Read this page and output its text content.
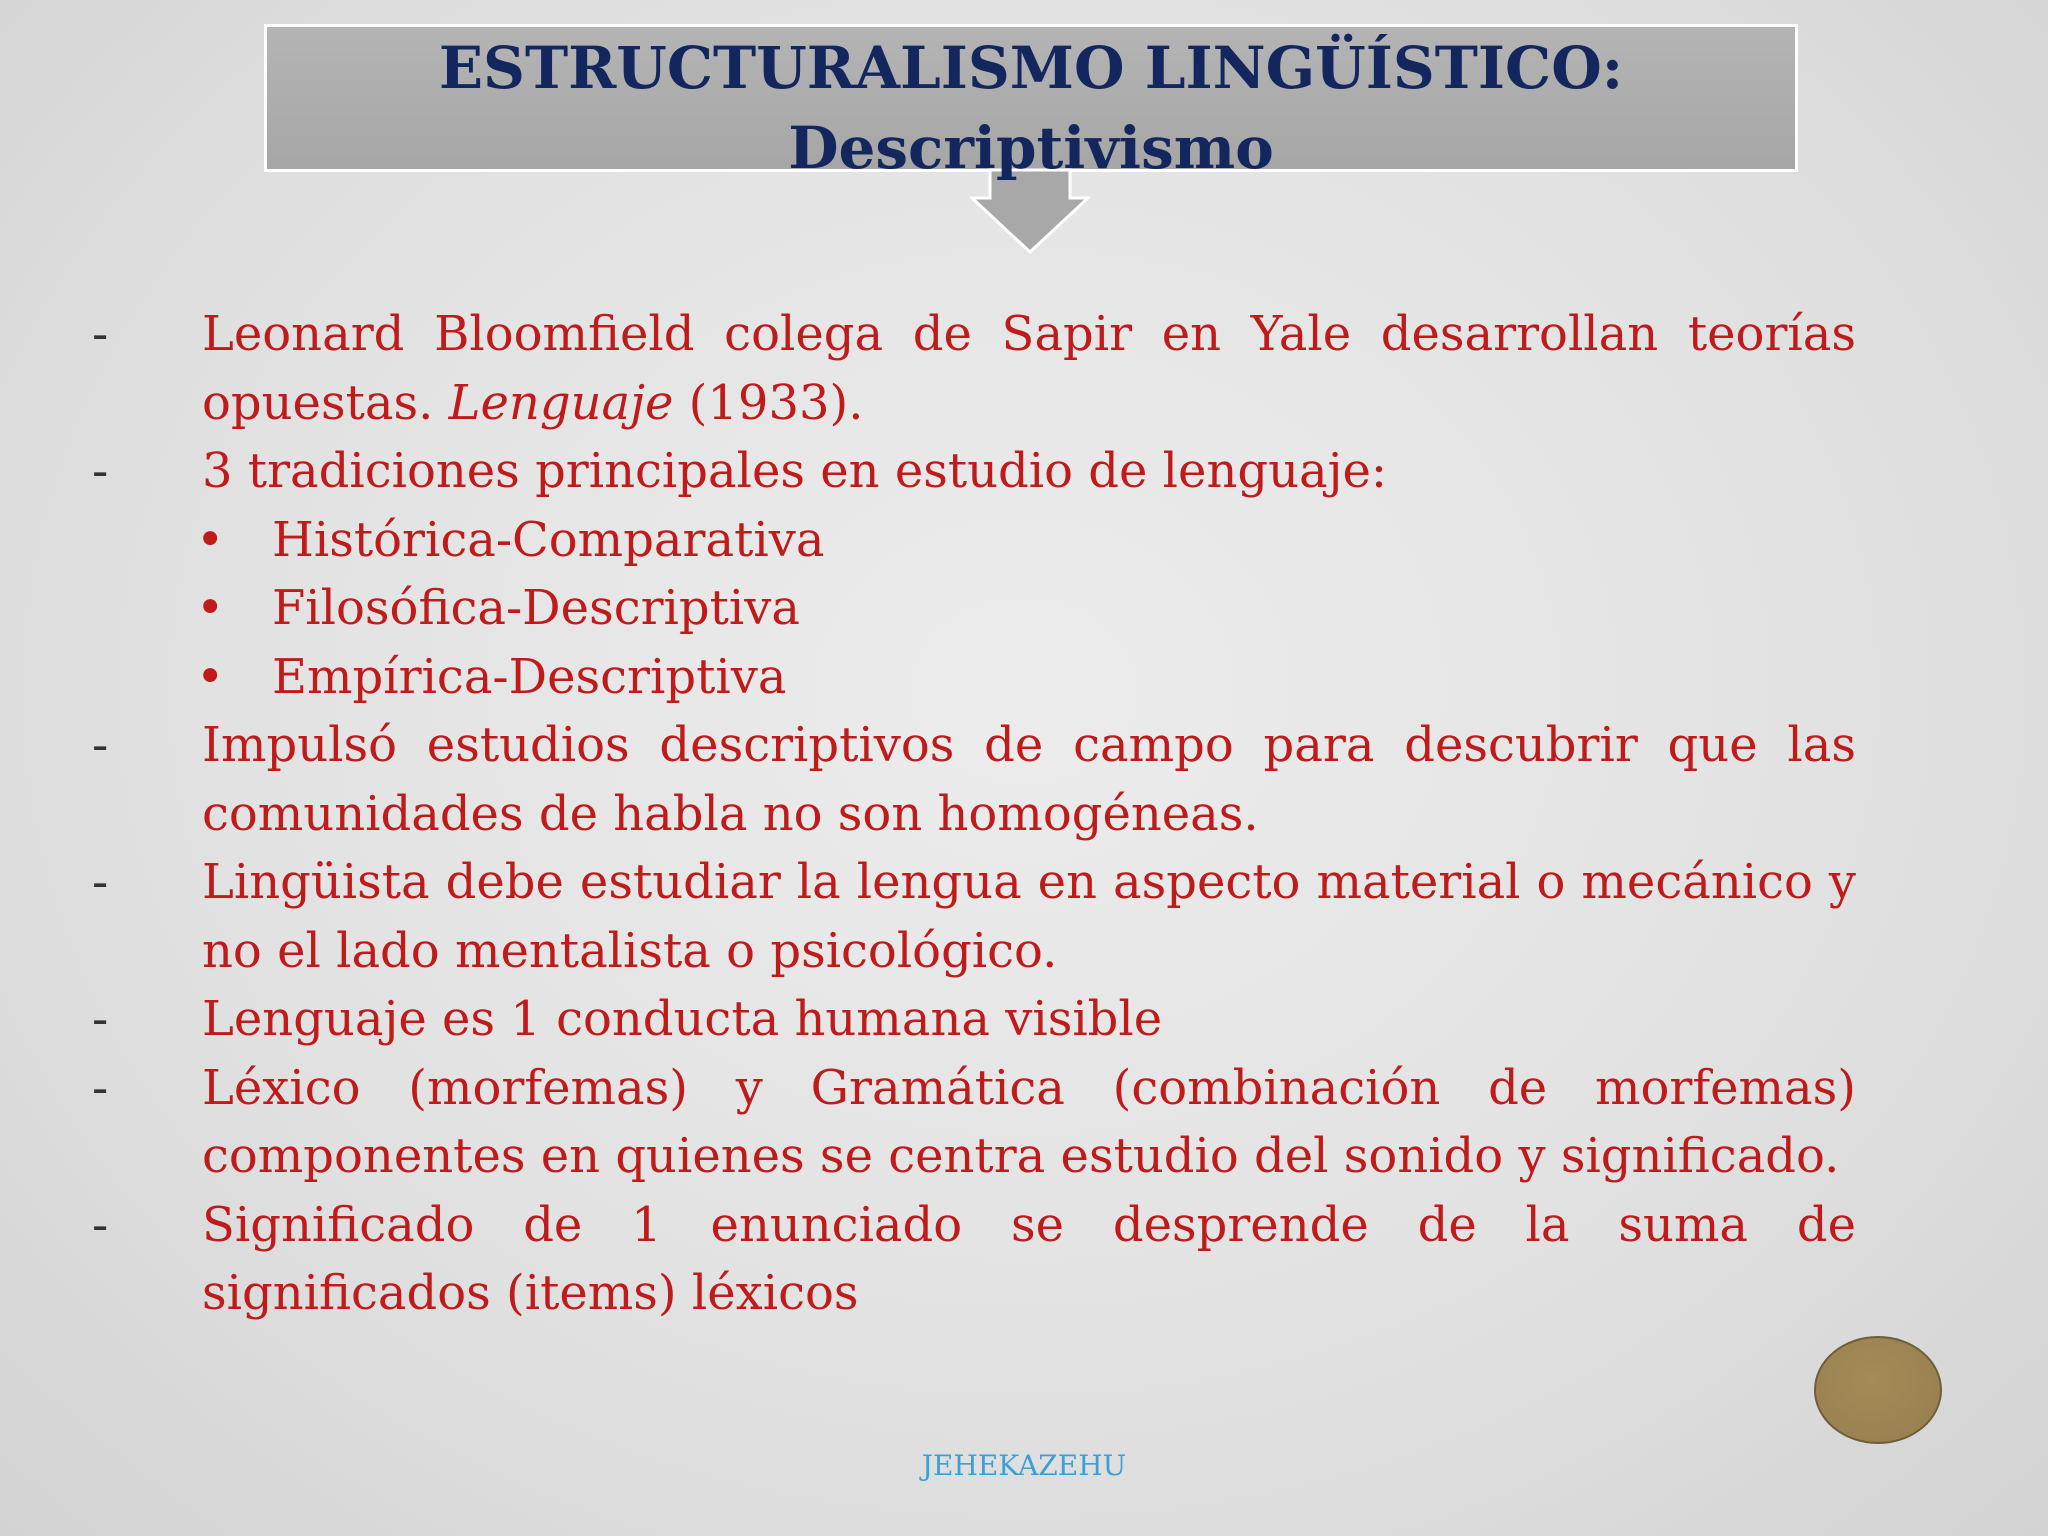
ESTRUCTURALISMO LINGÜÍSTICO:
Descriptivismo
-	Leonard Bloomfield colega de Sapir en Yale desarrollan teorías opuestas. Lenguaje (1933).
-	3 tradiciones principales en estudio de lenguaje:
• Histórica-Comparativa
• Filosófica-Descriptiva
• Empírica-Descriptiva
-	Impulsó estudios descriptivos de campo para descubrir que las comunidades de habla no son homogéneas.
-	Lingüista debe estudiar la lengua en aspecto material o mecánico y no el lado mentalista o psicológico.
-	Lenguaje es 1 conducta humana visible
-	Léxico (morfemas) y Gramática (combinación de morfemas) componentes en quienes se centra estudio del sonido y significado.
-	Significado de 1 enunciado se desprende de la suma de significados (items) léxicos
JEHEKAZEHU
